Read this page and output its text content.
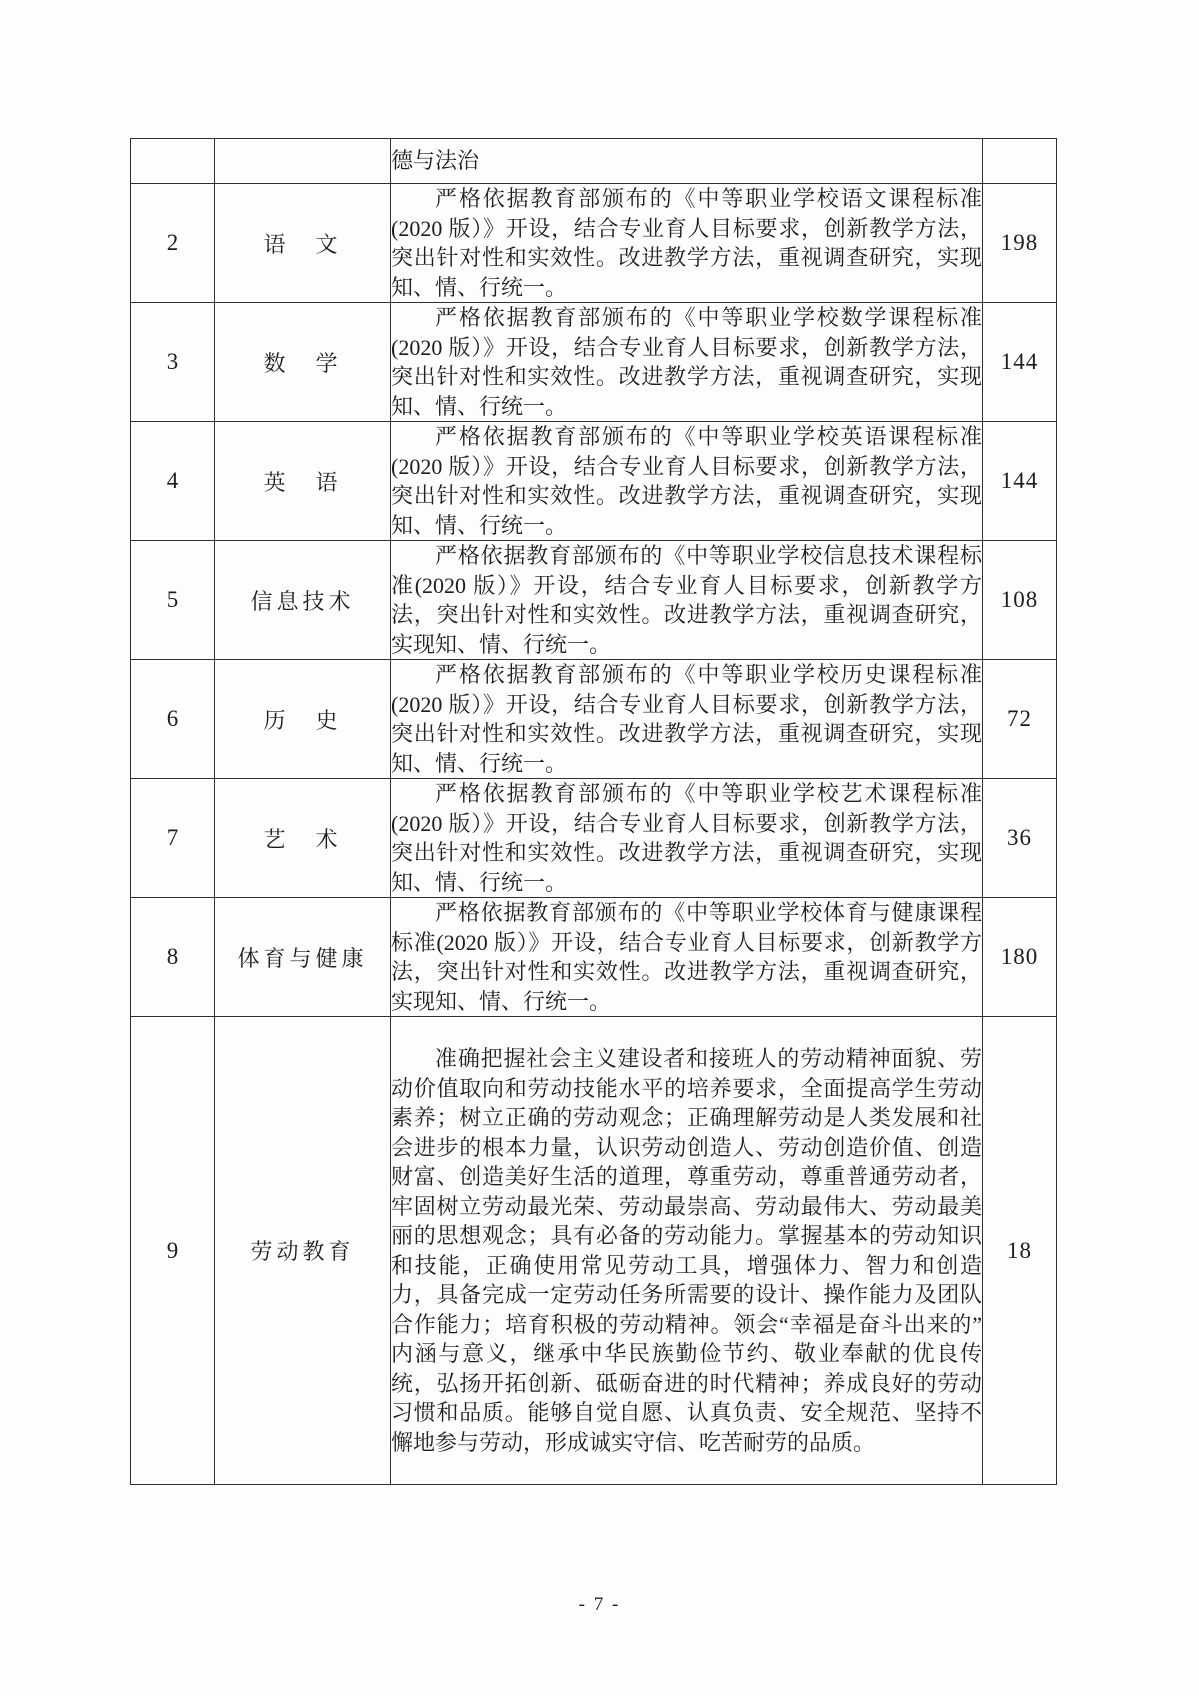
		德与法治	

2	语　文	严格依据教育部颁布的《中等职业学校语文课程标准(2020 版）》开设，结合专业育人目标要求，创新教学方法，突出针对性和实效性。改进教学方法，重视调查研究，实现知、情、行统一。	198
3	数　学	严格依据教育部颁布的《中等职业学校数学课程标准(2020 版）》开设，结合专业育人目标要求，创新教学方法，突出针对性和实效性。改进教学方法，重视调查研究，实现知、情、行统一。	144
4	英　语	严格依据教育部颁布的《中等职业学校英语课程标准(2020 版）》开设，结合专业育人目标要求，创新教学方法，突出针对性和实效性。改进教学方法，重视调查研究，实现知、情、行统一。	144
5	信息技术	严格依据教育部颁布的《中等职业学校信息技术课程标准(2020 版）》开设，结合专业育人目标要求，创新教学方法，突出针对性和实效性。改进教学方法，重视调查研究，实现知、情、行统一。	108
6	历　史	严格依据教育部颁布的《中等职业学校历史课程标准(2020 版）》开设，结合专业育人目标要求，创新教学方法，突出针对性和实效性。改进教学方法，重视调查研究，实现知、情、行统一。	72
7	艺　术	严格依据教育部颁布的《中等职业学校艺术课程标准(2020 版）》开设，结合专业育人目标要求，创新教学方法，突出针对性和实效性。改进教学方法，重视调查研究，实现知、情、行统一。	36
8	体育与健康	严格依据教育部颁布的《中等职业学校体育与健康课程标准(2020 版）》开设，结合专业育人目标要求，创新教学方法，突出针对性和实效性。改进教学方法，重视调查研究，实现知、情、行统一。	180
9	劳动教育	准确把握社会主义建设者和接班人的劳动精神面貌、劳动价值取向和劳动技能水平的培养要求，全面提高学生劳动素养；树立正确的劳动观念；正确理解劳动是人类发展和社会进步的根本力量，认识劳动创造人、劳动创造价值、创造财富、创造美好生活的道理，尊重劳动，尊重普通劳动者，牢固树立劳动最光荣、劳动最崇高、劳动最伟大、劳动最美丽的思想观念；具有必备的劳动能力。掌握基本的劳动知识和技能，正确使用常见劳动工具，增强体力、智力和创造力，具备完成一定劳动任务所需要的设计、操作能力及团队合作能力；培育积极的劳动精神。领会“幸福是奋斗出来的”内涵与意义，继承中华民族勤俭节约、敬业奉献的优良传统，弘扬开拓创新、砥砺奋进的时代精神；养成良好的劳动习惯和品质。能够自觉自愿、认真负责、安全规范、坚持不懈地参与劳动，形成诚实守信、吃苦耐劳的品质。	18
- 7 -
